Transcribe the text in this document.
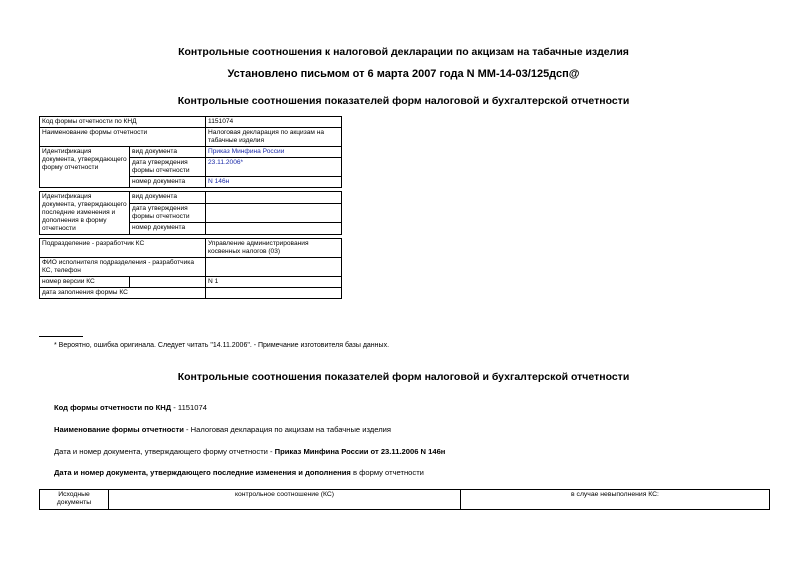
Контрольные соотношения к налоговой декларации по акцизам на табачные изделия
Установлено письмом от 6 марта 2007 года N ММ-14-03/125дсп@
Контрольные соотношения показателей форм налоговой и бухгалтерской отчетности
Код формы отчетности по КНД		1151074
Наименование формы отчетности		Налоговая декларация по акцизам на табачные изделия
Идентификация документа, утверждающего форму отчетности	вид документа	Приказ Минфина России
	дата утверждения формы отчетности	23.11.2006*
	номер документа	N 146н

Идентификация документа, утверждающего последние изменения и дополнения в форму отчетности	вид документа	
	дата утверждения формы отчетности	
	номер документа	

Подразделение - разработчик КС		Управление администрирования косвенных налогов (03)
ФИО исполнителя подразделения - разработчика КС, телефон		
номер версии КС		N 1
дата заполнения формы КС		
* Вероятно, ошибка оригинала. Следует читать "14.11.2006". - Примечание изготовителя базы данных.
Контрольные соотношения показателей форм налоговой и бухгалтерской отчетности
Код формы отчетности по КНД - 1151074
Наименование формы отчетности - Налоговая декларация по акцизам на табачные изделия
Дата и номер документа, утверждающего форму отчетности - Приказ Минфина России от 23.11.2006 N 146н
Дата и номер документа, утверждающего последние изменения и дополнения в форму отчетности
Исходные документы	контрольное соотношение (КС)	в случае невыполнения КС:
